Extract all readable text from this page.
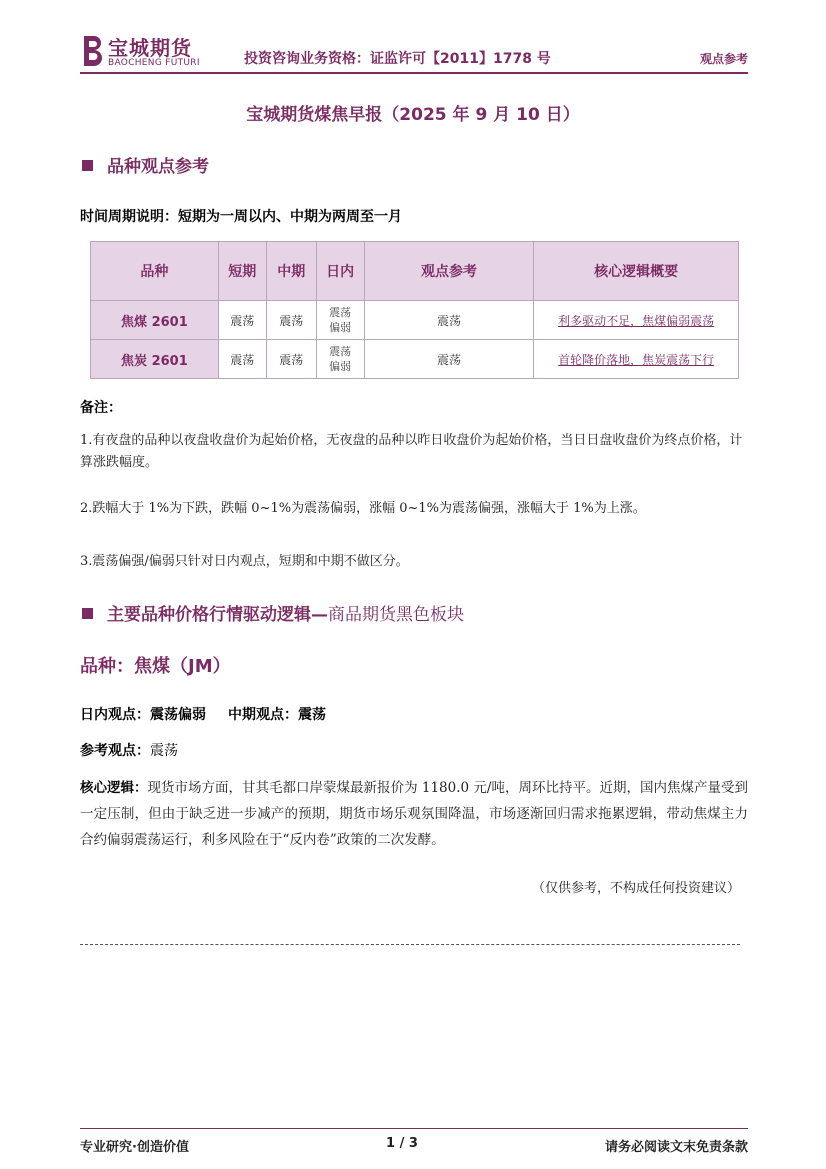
宝城期货
BAOCHENG FUTURI	投资咨询业务资格：证监许可【2011】1778 号	观点参考
宝城期货煤焦早报（2025 年 9 月 10 日）
品种观点参考
时间周期说明：短期为一周以内、中期为两周至一月
品种	短期	中期	日内	观点参考	核心逻辑概要
焦煤 2601	震荡	震荡	震荡偏弱	震荡	利多驱动不足，焦煤偏弱震荡
焦炭 2601	震荡	震荡	震荡偏弱	震荡	首轮降价落地，焦炭震荡下行
备注：
1.有夜盘的品种以夜盘收盘价为起始价格，无夜盘的品种以昨日收盘价为起始价格，当日日盘收盘价为终点价格，计算涨跌幅度。
2.跌幅大于 1%为下跌，跌幅 0~1%为震荡偏弱，涨幅 0~1%为震荡偏强，涨幅大于 1%为上涨。
3.震荡偏强/偏弱只针对日内观点，短期和中期不做区分。
主要品种价格行情驱动逻辑—商品期货黑色板块
品种：焦煤（JM）
日内观点：震荡偏弱 中期观点：震荡
参考观点：震荡
核心逻辑：现货市场方面，甘其毛都口岸蒙煤最新报价为 1180.0 元/吨，周环比持平。近期，国内焦煤产量受到一定压制，但由于缺乏进一步减产的预期，期货市场乐观氛围降温，市场逐渐回归需求拖累逻辑，带动焦煤主力合约偏弱震荡运行，利多风险在于“反内卷”政策的二次发酵。
（仅供参考，不构成任何投资建议）
专业研究·创造价值	1 / 3	请务必阅读文末免责条款
